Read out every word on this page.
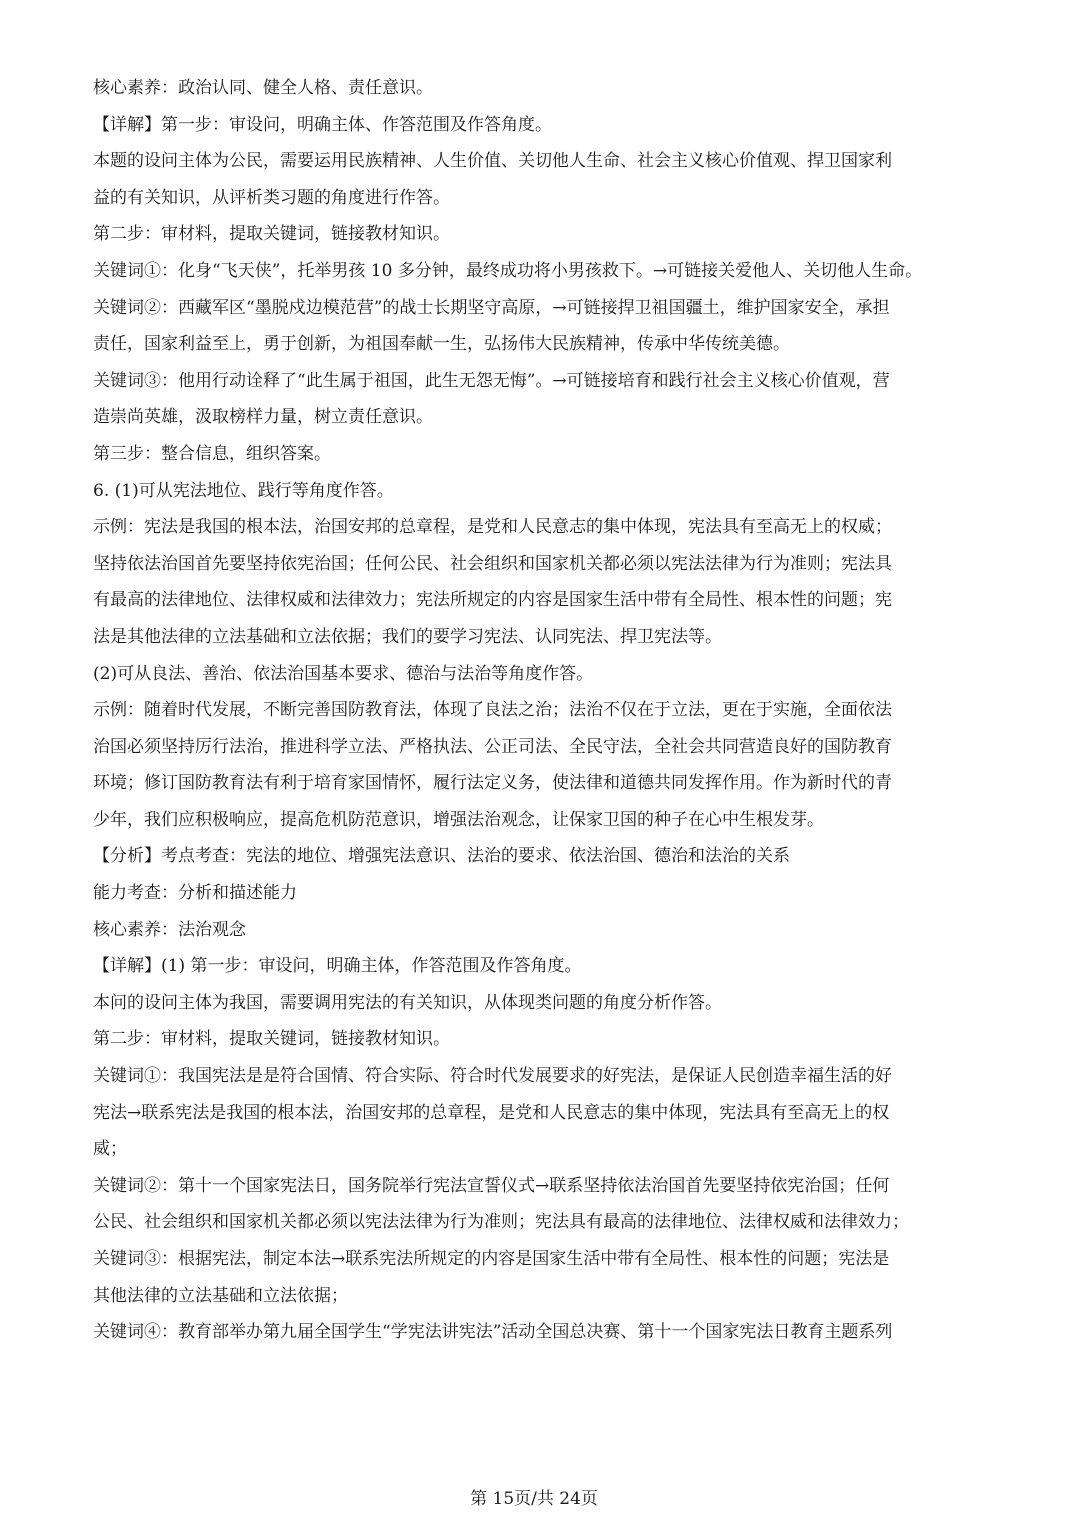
核心素养：政治认同、健全人格、责任意识。
【详解】第一步：审设问，明确主体、作答范围及作答角度。
本题的设问主体为公民，需要运用民族精神、人生价值、关切他人生命、社会主义核心价值观、捍卫国家利
益的有关知识，从评析类习题的角度进行作答。
第二步：审材料，提取关键词，链接教材知识。
关键词①：化身“飞天侠”，托举男孩 10 多分钟，最终成功将小男孩救下。→可链接关爱他人、关切他人生命。
关键词②：西藏军区“墨脱戍边模范营”的战士长期坚守高原，→可链接捍卫祖国疆土，维护国家安全，承担
责任，国家利益至上，勇于创新，为祖国奉献一生，弘扬伟大民族精神，传承中华传统美德。
关键词③：他用行动诠释了“此生属于祖国，此生无怨无悔”。→可链接培育和践行社会主义核心价值观，营
造崇尚英雄，汲取榜样力量，树立责任意识。
第三步：整合信息，组织答案。
6. (1)可从宪法地位、践行等角度作答。
示例：宪法是我国的根本法，治国安邦的总章程，是党和人民意志的集中体现，宪法具有至高无上的权威；
坚持依法治国首先要坚持依宪治国；任何公民、社会组织和国家机关都必须以宪法法律为行为准则；宪法具
有最高的法律地位、法律权威和法律效力；宪法所规定的内容是国家生活中带有全局性、根本性的问题；宪
法是其他法律的立法基础和立法依据；我们的要学习宪法、认同宪法、捍卫宪法等。
(2)可从良法、善治、依法治国基本要求、德治与法治等角度作答。
示例：随着时代发展，不断完善国防教育法，体现了良法之治；法治不仅在于立法，更在于实施，全面依法
治国必须坚持厉行法治，推进科学立法、严格执法、公正司法、全民守法，全社会共同营造良好的国防教育
环境；修订国防教育法有利于培育家国情怀，履行法定义务，使法律和道德共同发挥作用。作为新时代的青
少年，我们应积极响应，提高危机防范意识，增强法治观念，让保家卫国的种子在心中生根发芽。
【分析】考点考查：宪法的地位、增强宪法意识、法治的要求、依法治国、德治和法治的关系
能力考查：分析和描述能力
核心素养：法治观念
【详解】(1) 第一步：审设问，明确主体，作答范围及作答角度。
本问的设问主体为我国，需要调用宪法的有关知识，从体现类问题的角度分析作答。
第二步：审材料，提取关键词，链接教材知识。
关键词①：我国宪法是是符合国情、符合实际、符合时代发展要求的好宪法，是保证人民创造幸福生活的好
宪法→联系宪法是我国的根本法，治国安邦的总章程，是党和人民意志的集中体现，宪法具有至高无上的权
威；
关键词②：第十一个国家宪法日，国务院举行宪法宣誓仪式→联系坚持依法治国首先要坚持依宪治国；任何
公民、社会组织和国家机关都必须以宪法法律为行为准则；宪法具有最高的法律地位、法律权威和法律效力；
关键词③：根据宪法，制定本法→联系宪法所规定的内容是国家生活中带有全局性、根本性的问题；宪法是
其他法律的立法基础和立法依据；
关键词④：教育部举办第九届全国学生“学宪法讲宪法”活动全国总决赛、第十一个国家宪法日教育主题系列
第 15页/共 24页
